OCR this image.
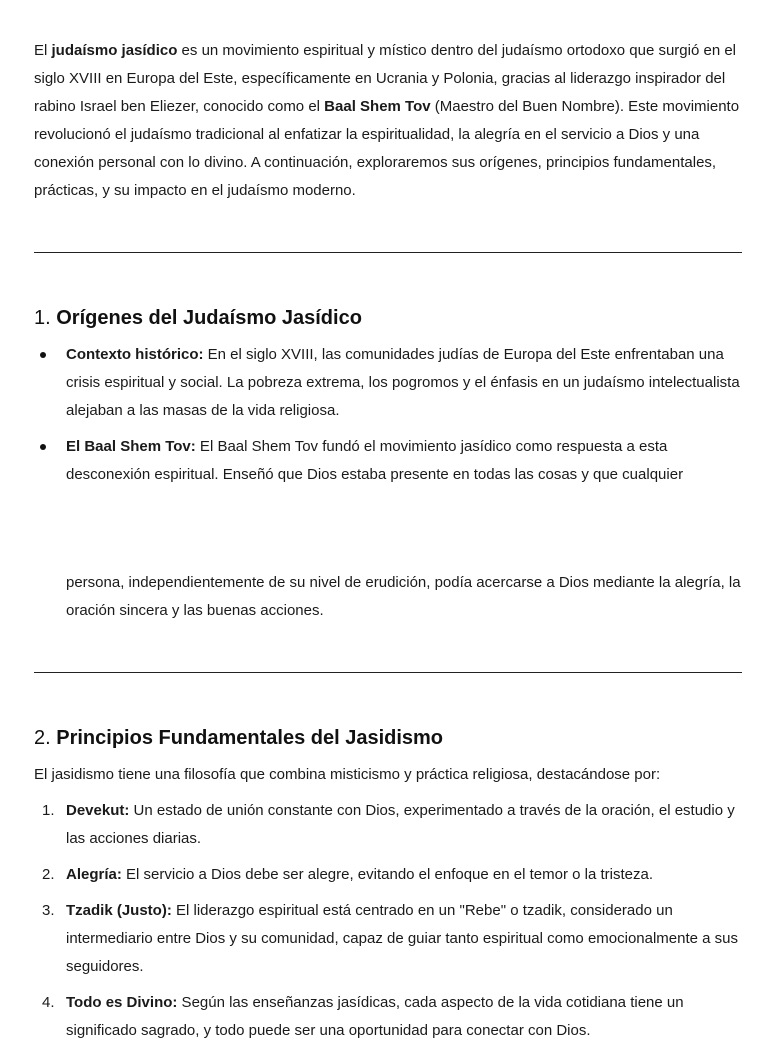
El judaísmo jasídico es un movimiento espiritual y místico dentro del judaísmo ortodoxo que surgió en el siglo XVIII en Europa del Este, específicamente en Ucrania y Polonia, gracias al liderazgo inspirador del rabino Israel ben Eliezer, conocido como el Baal Shem Tov (Maestro del Buen Nombre). Este movimiento revolucionó el judaísmo tradicional al enfatizar la espiritualidad, la alegría en el servicio a Dios y una conexión personal con lo divino. A continuación, exploraremos sus orígenes, principios fundamentales, prácticas, y su impacto en el judaísmo moderno.

1. Orígenes del Judaísmo Jasídico
Contexto histórico: En el siglo XVIII, las comunidades judías de Europa del Este enfrentaban una crisis espiritual y social. La pobreza extrema, los pogromos y el énfasis en un judaísmo intelectualista alejaban a las masas de la vida religiosa.
El Baal Shem Tov: El Baal Shem Tov fundó el movimiento jasídico como respuesta a esta desconexión espiritual. Enseñó que Dios estaba presente en todas las cosas y que cualquier

persona, independientemente de su nivel de erudición, podía acercarse a Dios mediante la alegría, la oración sincera y las buenas acciones.

2. Principios Fundamentales del Jasidismo

El jasidismo tiene una filosofía que combina misticismo y práctica religiosa, destacándose por:

1. Devekut: Un estado de unión constante con Dios, experimentado a través de la oración, el estudio y las acciones diarias.
2. Alegría: El servicio a Dios debe ser alegre, evitando el enfoque en el temor o la tristeza.
3. Tzadik (Justo): El liderazgo espiritual está centrado en un "Rebe" o tzadik, considerado un intermediario entre Dios y su comunidad, capaz de guiar tanto espiritual como emocionalmente a sus seguidores.
4. Todo es Divino: Según las enseñanzas jasídicas, cada aspecto de la vida cotidiana tiene un significado sagrado, y todo puede ser una oportunidad para conectar con Dios.
